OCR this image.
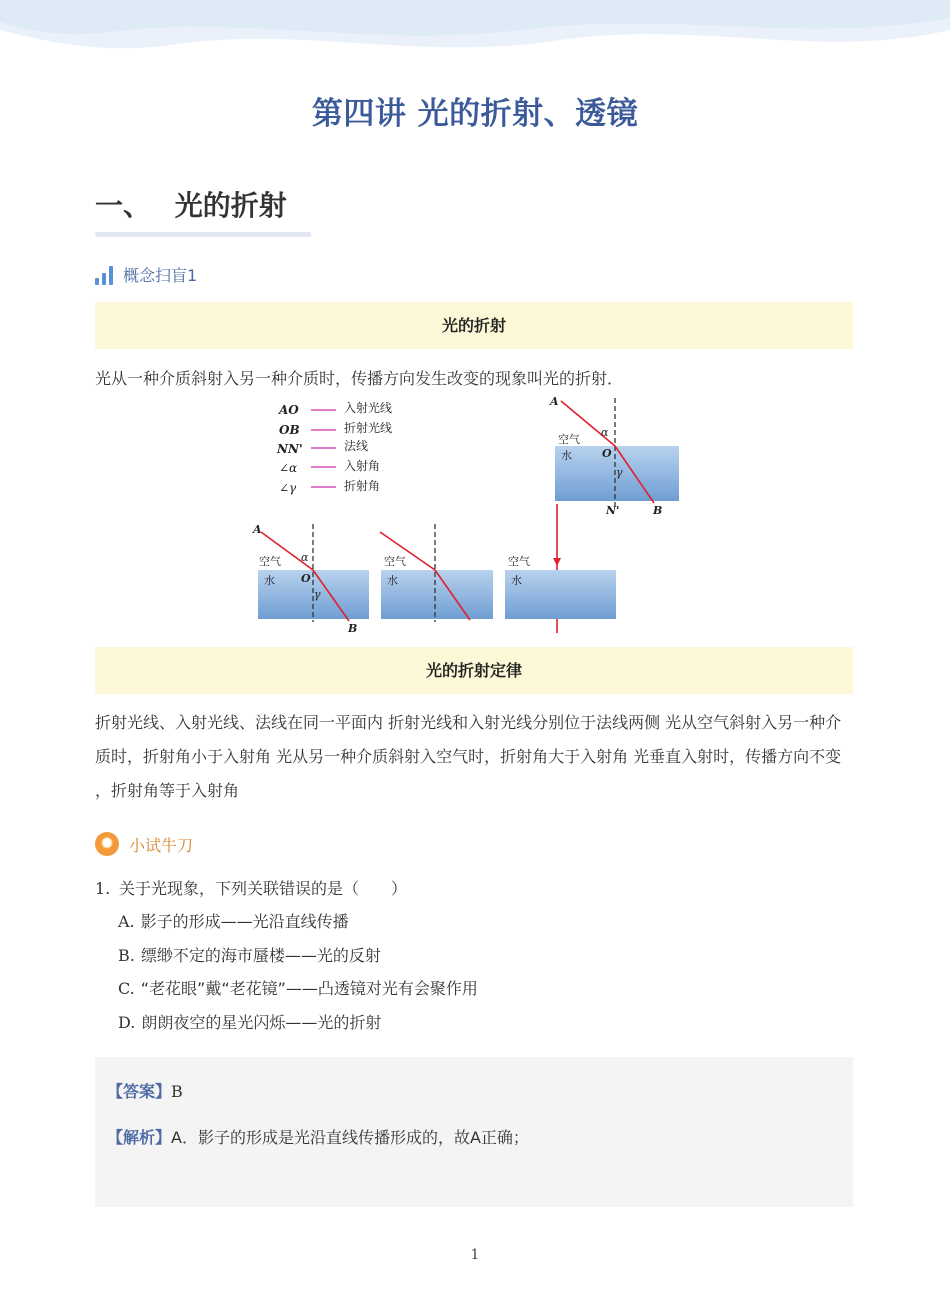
第四讲 光的折射、透镜
一、 光的折射
概念扫盲1
光的折射
光从一种介质斜射入另一种介质时，传播方向发生改变的现象叫光的折射．
AO	入射光线
OB	折射光线
NN'	法线
∠α	入射角
∠γ	折射角
A
空气
水	O
α
γ
N'	B
A
空气
水 O
α
γ
B
空气
水
空气
水
光的折射定律
折射光线、入射光线、法线在同一平面内 折射光线和入射光线分别位于法线两侧 光从空气斜射入另一种介质时，折射角小于入射角 光从另一种介质斜射入空气时，折射角大于入射角 光垂直入射时，传播方向不变 ，折射角等于入射角
小试牛刀
1. 关于光现象，下列关联错误的是（　　）
A. 影子的形成——光沿直线传播
B. 缥缈不定的海市蜃楼——光的反射
C. “老花眼”戴“老花镜”——凸透镜对光有会聚作用
D. 朗朗夜空的星光闪烁——光的折射
【答案】B
【解析】A．影子的形成是光沿直线传播形成的，故A正确；
1
